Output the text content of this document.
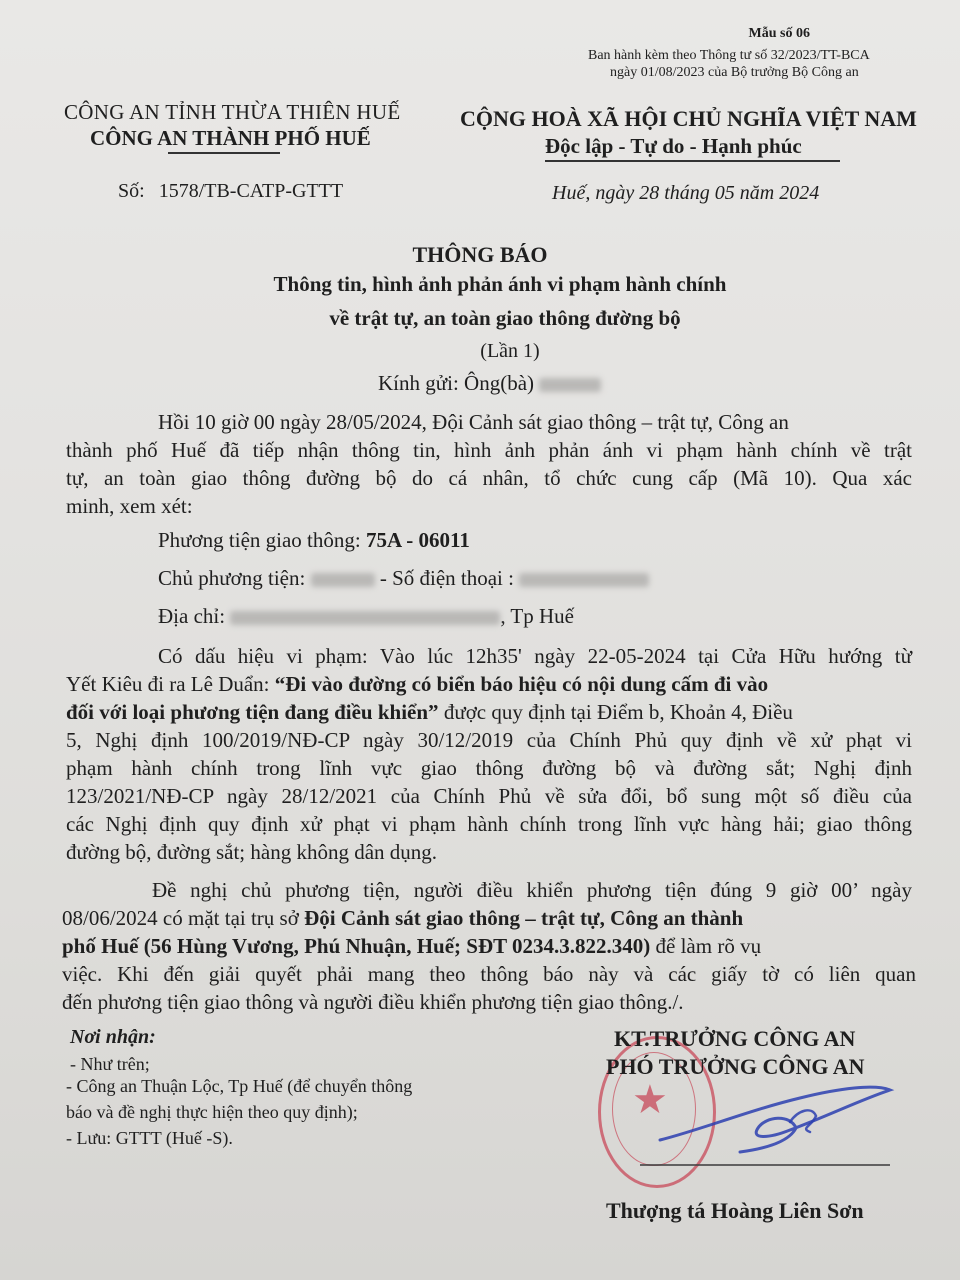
Mẫu số 06
Ban hành kèm theo Thông tư số 32/2023/TT-BCA
ngày 01/08/2023 của Bộ trưởng Bộ Công an
CÔNG AN TỈNH THỪA THIÊN HUẾ
CÔNG AN THÀNH PHỐ HUẾ
CỘNG HOÀ XÃ HỘI CHỦ NGHĨA VIỆT NAM
Độc lập - Tự do - Hạnh phúc
Số: 1578/TB-CATP-GTTT	Huế, ngày 28 tháng 05 năm 2024
THÔNG BÁO
Thông tin, hình ảnh phản ánh vi phạm hành chính
về trật tự, an toàn giao thông đường bộ
(Lần 1)
Kính gửi: Ông(bà)
Hồi 10 giờ 00 ngày 28/05/2024, Đội Cảnh sát giao thông – trật tự, Công an
thành phố Huế đã tiếp nhận thông tin, hình ảnh phản ánh vi phạm hành chính về trật
tự, an toàn giao thông đường bộ do cá nhân, tổ chức cung cấp (Mã 10). Qua xác
minh, xem xét:
Phương tiện giao thông: 75A - 06011
Chủ phương tiện:	- Số điện thoại :
Địa chỉ:	, Tp Huế
Có dấu hiệu vi phạm: Vào lúc 12h35' ngày 22-05-2024 tại Cửa Hữu hướng từ
Yết Kiêu đi ra Lê Duẩn: “Đi vào đường có biển báo hiệu có nội dung cấm đi vào
đối với loại phương tiện đang điều khiển” được quy định tại Điểm b, Khoản 4, Điều
5, Nghị định 100/2019/NĐ-CP ngày 30/12/2019 của Chính Phủ quy định về xử phạt vi
phạm hành chính trong lĩnh vực giao thông đường bộ và đường sắt; Nghị định
123/2021/NĐ-CP ngày 28/12/2021 của Chính Phủ về sửa đổi, bổ sung một số điều của
các Nghị định quy định xử phạt vi phạm hành chính trong lĩnh vực hàng hải; giao thông
đường bộ, đường sắt; hàng không dân dụng.
Đề nghị chủ phương tiện, người điều khiển phương tiện đúng 9 giờ 00’ ngày
08/06/2024 có mặt tại trụ sở Đội Cảnh sát giao thông – trật tự, Công an thành
phố Huế (56 Hùng Vương, Phú Nhuận, Huế; SĐT 0234.3.822.340) để làm rõ vụ
việc. Khi đến giải quyết phải mang theo thông báo này và các giấy tờ có liên quan
đến phương tiện giao thông và người điều khiển phương tiện giao thông./.
Nơi nhận:
- Như trên;
- Công an Thuận Lộc, Tp Huế (để chuyển thông
báo và đề nghị thực hiện theo quy định);
- Lưu: GTTT (Huế -S).
★
KT.TRƯỞNG CÔNG AN
PHÓ TRƯỞNG CÔNG AN
Thượng tá Hoàng Liên Sơn
